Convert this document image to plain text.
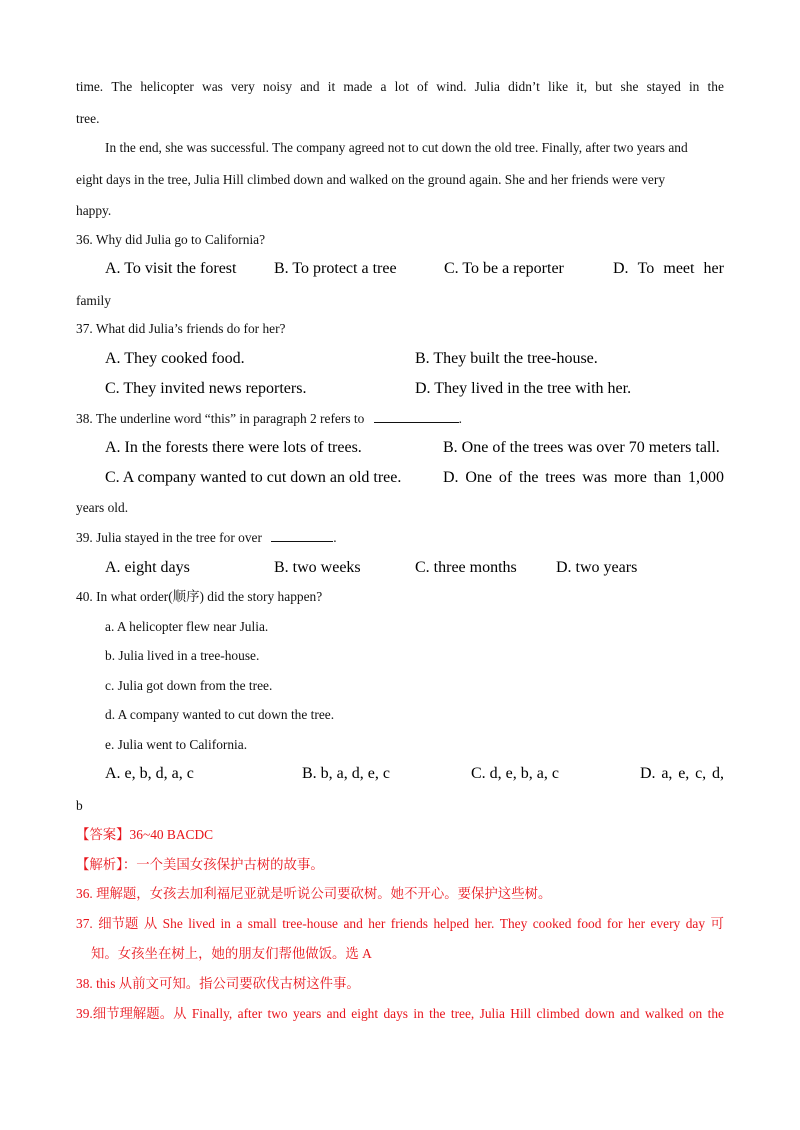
time. The helicopter was very noisy and it made a lot of wind. Julia didn’t like it, but she stayed in the
tree.
In the end, she was successful. The company agreed not to cut down the old tree. Finally, after two years and
eight days in the tree, Julia Hill climbed down and walked on the ground again. She and her friends were very
happy.
36. Why did Julia go to California?
A. To visit the forest B. To protect a tree	C. To be a reporter	D. To meet her
family
37. What did Julia’s friends do for her?
A. They cooked food.	B. They built the tree-house.
C. They invited news reporters.	D. They lived in the tree with her.
38. The underline word “this” in paragraph 2 refers to	.
A. In the forests there were lots of trees.	B. One of the trees was over 70 meters tall.
C. A company wanted to cut down an old tree.	D. One of the trees was more than 1,000
years old.
39. Julia stayed in the tree for over	.
A. eight days	B. two weeks	C. three months D. two years
40. In what order(顺序) did the story happen?
a. A helicopter flew near Julia.
b. Julia lived in a tree-house.
c. Julia got down from the tree.
d. A company wanted to cut down the tree.
e. Julia went to California.
A. e, b, d, a, c	B. b, a, d, e, c	C. d, e, b, a, c	D. a, e, c, d,
b
【答案】36~40 BACDC
【解析】：一个美国女孩保护古树的故事。
36. 理解题，女孩去加利福尼亚就是听说公司要砍树。她不开心。要保护这些树。
37. 细节题 从 She lived in a small tree-house and her friends helped her. They cooked food for her every day 可
知。女孩坐在树上，她的朋友们帮他做饭。选 A
38. this 从前文可知。指公司要砍伐古树这件事。
39.细节理解题。从 Finally, after two years and eight days in the tree, Julia Hill climbed down and walked on the
